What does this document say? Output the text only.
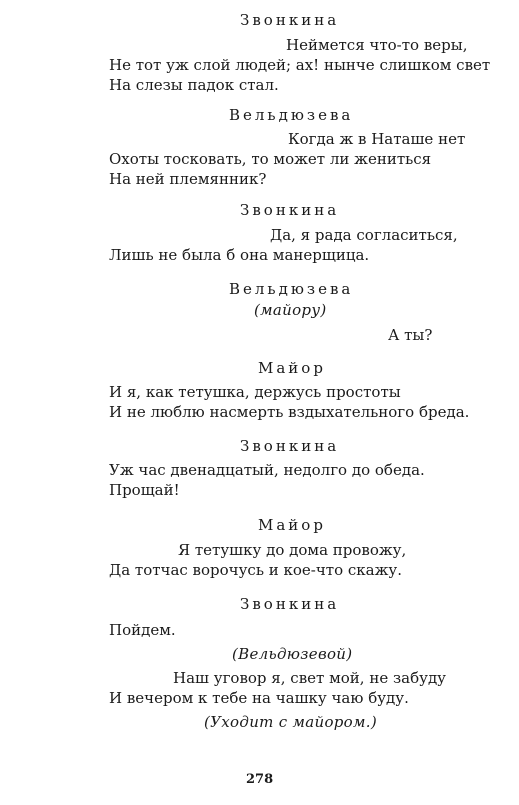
Звонкина
Неймется что-то веры,
Не тот уж слой людей; ах! нынче слишком свет
На слезы падок стал.
Вельдюзева
Когда ж в Наташе нет
Охоты тосковать, то может ли жениться
На ней племянник?
Звонкина
Да, я рада согласиться,
Лишь не была б она манерщица.
Вельдюзева
(майору)
А ты?
Майор
И я, как тетушка, держусь простоты
И не люблю насмерть вздыхательного бреда.
Звонкина
Уж час двенадцатый, недолго до обеда.
Прощай!
Майор
Я тетушку до дома провожу,
Да тотчас ворочусь и кое-что скажу.
Звонкина
Пойдем.
(Вельдюзевой)
Наш уговор я, свет мой, не забуду
И вечером к тебе на чашку чаю буду.
(Уходит с майором.)
278
